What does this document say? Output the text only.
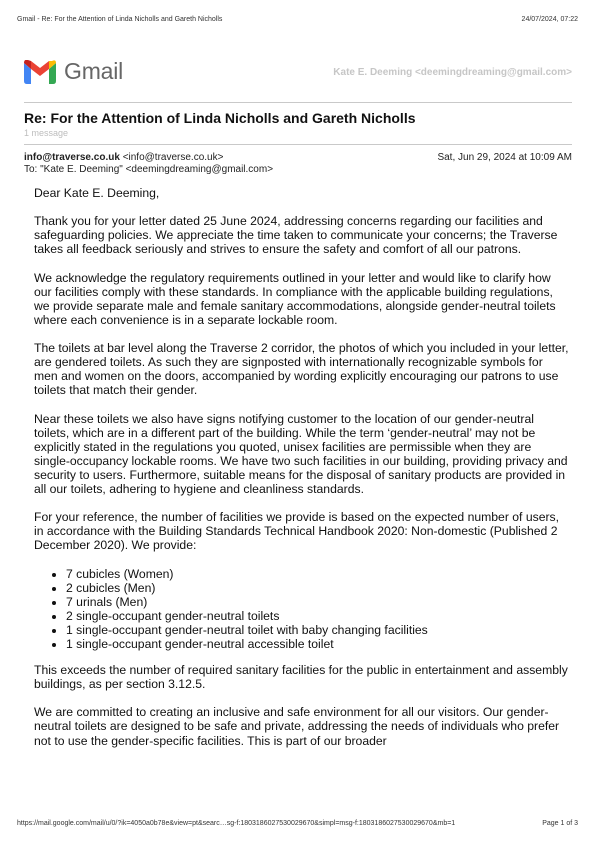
Gmail - Re: For the Attention of Linda Nicholls and Gareth Nicholls	24/07/2024, 07:22
Gmail	Kate E. Deeming <deemingdreaming@gmail.com>
Re: For the Attention of Linda Nicholls and Gareth Nicholls
1 message
info@traverse.co.uk <info@traverse.co.uk>	Sat, Jun 29, 2024 at 10:09 AM
To: "Kate E. Deeming" <deemingdreaming@gmail.com>

Dear Kate E. Deeming,

Thank you for your letter dated 25 June 2024, addressing concerns regarding our facilities and safeguarding policies. We appreciate the time taken to communicate your concerns; the Traverse takes all feedback seriously and strives to ensure the safety and comfort of all our patrons.

We acknowledge the regulatory requirements outlined in your letter and would like to clarify how our facilities comply with these standards. In compliance with the applicable building regulations, we provide separate male and female sanitary accommodations, alongside gender-neutral toilets where each convenience is in a separate lockable room.

The toilets at bar level along the Traverse 2 corridor, the photos of which you included in your letter, are gendered toilets. As such they are signposted with internationally recognizable symbols for men and women on the doors, accompanied by wording explicitly encouraging our patrons to use toilets that match their gender.

Near these toilets we also have signs notifying customer to the location of our gender-neutral toilets, which are in a different part of the building. While the term ‘gender-neutral’ may not be explicitly stated in the regulations you quoted, unisex facilities are permissible when they are single-occupancy lockable rooms. We have two such facilities in our building, providing privacy and security to users. Furthermore, suitable means for the disposal of sanitary products are provided in all our toilets, adhering to hygiene and cleanliness standards.

For your reference, the number of facilities we provide is based on the expected number of users, in accordance with the Building Standards Technical Handbook 2020: Non-domestic (Published 2 December 2020). We provide:

• 7 cubicles (Women)
• 2 cubicles (Men)
• 7 urinals (Men)
• 2 single-occupant gender-neutral toilets
• 1 single-occupant gender-neutral toilet with baby changing facilities
• 1 single-occupant gender-neutral accessible toilet

This exceeds the number of required sanitary facilities for the public in entertainment and assembly buildings, as per section 3.12.5.

We are committed to creating an inclusive and safe environment for all our visitors. Our gender-neutral toilets are designed to be safe and private, addressing the needs of individuals who prefer not to use the gender-specific facilities. This is part of our broader

https://mail.google.com/mail/u/0/?ik=4050a0b78e&view=pt&searc…sg-f:1803186027530029670&simpl=msg-f:1803186027530029670&mb=1	Page 1 of 3
